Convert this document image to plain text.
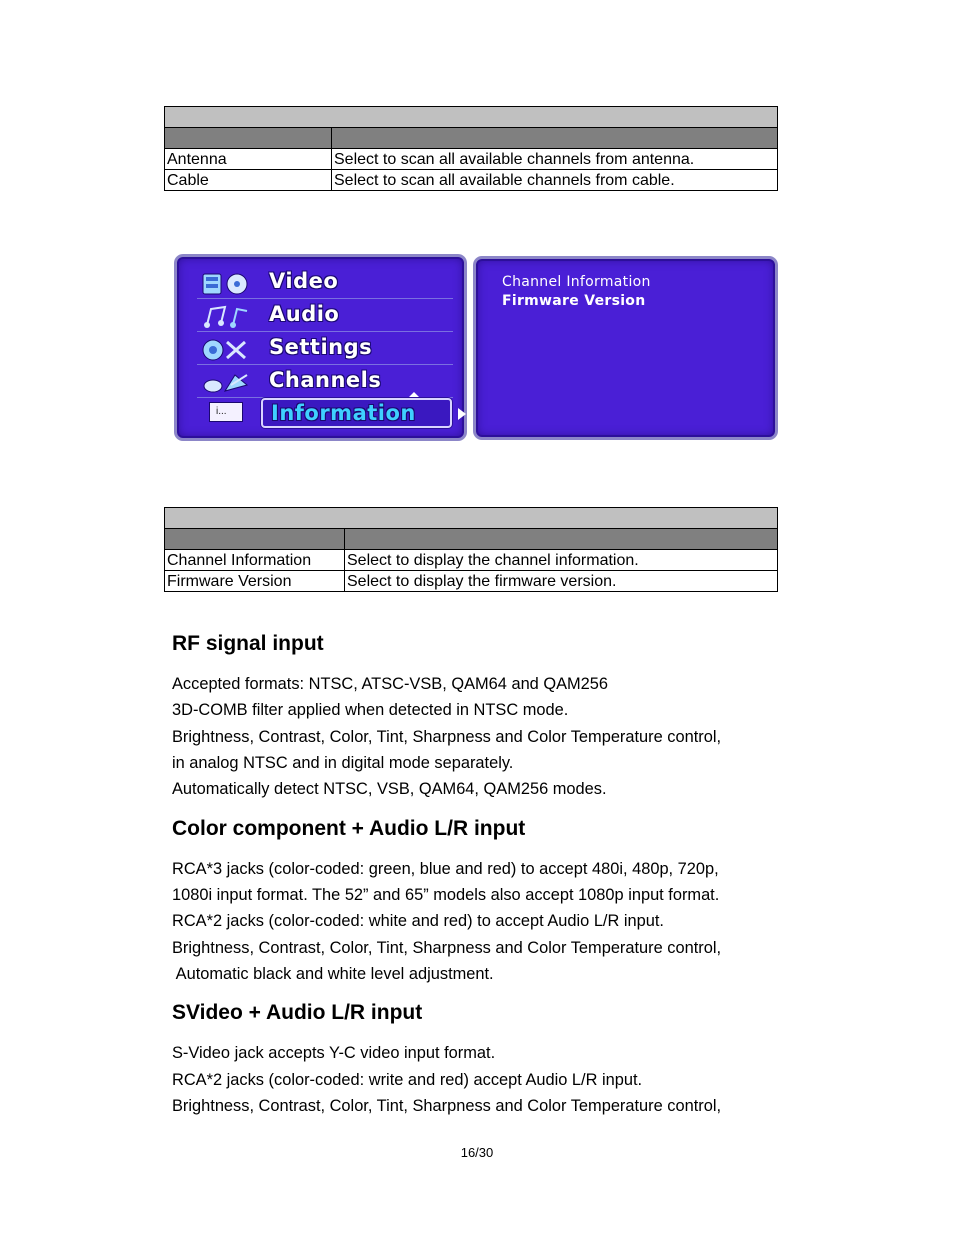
Antenna	Select to scan all available channels from antenna.
Cable	Select to scan all available channels from cable.
Video
Audio
Settings
Channels
i...	Information
Channel Information
Firmware Version

Channel Information	Select to display the channel information.
Firmware Version	Select to display the firmware version.
RF signal input
Accepted formats: NTSC, ATSC-VSB, QAM64 and QAM256
3D-COMB filter applied when detected in NTSC mode.
Brightness, Contrast, Color, Tint, Sharpness and Color Temperature control,
in analog NTSC and in digital mode separately.
Automatically detect NTSC, VSB, QAM64, QAM256 modes.
Color component + Audio L/R input
RCA*3 jacks (color-coded: green, blue and red) to accept 480i, 480p, 720p,
1080i input format. The 52” and 65” models also accept 1080p input format.
RCA*2 jacks (color-coded: white and red) to accept Audio L/R input.
Brightness, Contrast, Color, Tint, Sharpness and Color Temperature control,
Automatic black and white level adjustment.
SVideo + Audio L/R input
S-Video jack accepts Y-C video input format.
RCA*2 jacks (color-coded: write and red) accept Audio L/R input.
Brightness, Contrast, Color, Tint, Sharpness and Color Temperature control,
16/30
